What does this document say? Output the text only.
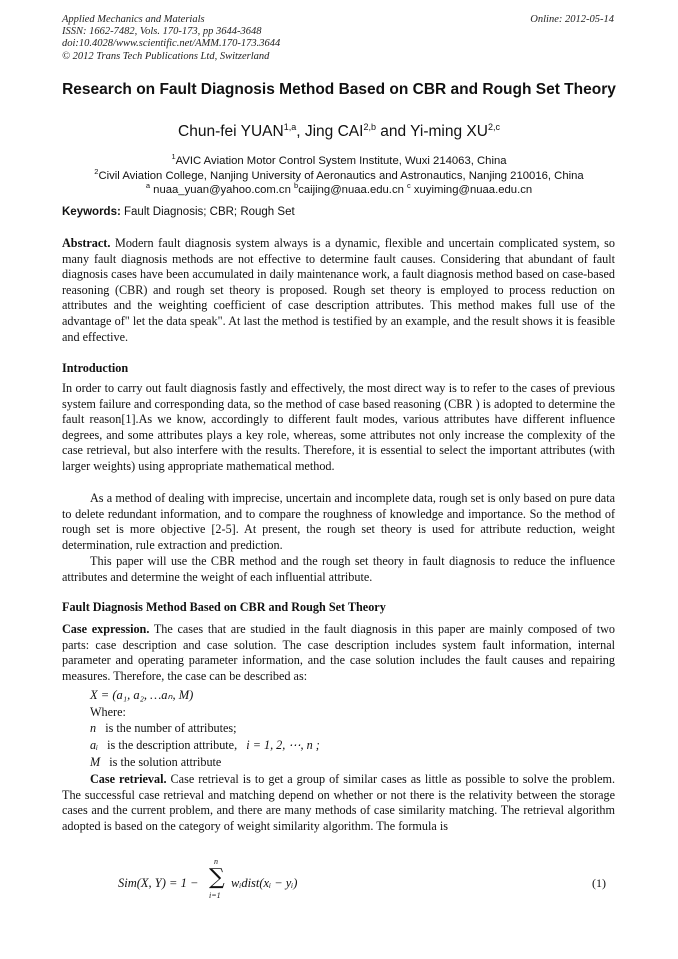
Applied Mechanics and Materials
ISSN: 1662-7482, Vols. 170-173, pp 3644-3648
doi:10.4028/www.scientific.net/AMM.170-173.3644
© 2012 Trans Tech Publications Ltd, Switzerland
Online: 2012-05-14
Research on Fault Diagnosis Method Based on CBR and Rough Set Theory
Chun-fei YUAN$^{1,a}$, Jing CAI$^{2,b}$ and Yi-ming XU$^{2,c}$
$^1$AVIC Aviation Motor Control System Institute, Wuxi 214063, China
$^2$Civil Aviation College, Nanjing University of Aeronautics and Astronautics, Nanjing 210016, China
$^a$ nuaa_yuan@yahoo.com.cn $^b$caijing@nuaa.edu.cn $^c$ xuyiming@nuaa.edu.cn
Keywords: Fault Diagnosis; CBR; Rough Set
Abstract. Modern fault diagnosis system always is a dynamic, flexible and uncertain complicated system, so many fault diagnosis methods are not effective to determine fault causes. Considering that abundant of fault diagnosis cases have been accumulated in daily maintenance work, a fault diagnosis method based on case-based reasoning (CBR) and rough set theory is proposed. Rough set theory is employed to process reduction on attributes and the weighting coefficient of case description attributes. This method makes full use of the advantage of" let the data speak". At last the method is testified by an example, and the result shows it is feasible and effective.
Introduction
In order to carry out fault diagnosis fastly and effectively, the most direct way is to refer to the cases of previous system failure and corresponding data, so the method of case based reasoning (CBR ) is adopted to determine the fault reason[1].As we know, accordingly to different fault modes, various attributes have different influence degrees, and some attributes plays a key role, whereas, some attributes not only increase the complexity of the case retrieval, but also interfere with the results. Therefore, it is essential to select the important attributes (with larger weights) using appropriate mathematical method.
As a method of dealing with imprecise, uncertain and incomplete data, rough set is only based on pure data to delete redundant information, and to compare the roughness of knowledge and importance. So the method of rough set is more objective [2-5]. At present, the rough set theory is used for attribute reduction, weight determination, rule extraction and prediction.
This paper will use the CBR method and the rough set theory in fault diagnosis to reduce the influence attributes and determine the weight of each influential attribute.
Fault Diagnosis Method Based on CBR and Rough Set Theory
Case expression. The cases that are studied in the fault diagnosis in this paper are mainly composed of two parts: case description and case solution. The case description includes system fault information, internal parameter and operating parameter information, and the case solution includes the fault causes and repairing measures. Therefore, the case can be described as:
X = (a₁, a₂, …aₙ, M)
Where:
n is the number of attributes;
aᵢ is the description attribute, i = 1, 2, ⋯, n ;
M is the solution attribute
Case retrieval. Case retrieval is to get a group of similar cases as little as possible to solve the problem. The successful case retrieval and matching depend on whether or not there is the relativity between the storage cases and the current problem, and there are many methods of case similarity matching. The retrieval algorithm adopted is based on the category of weight similarity algorithm. The formula is
Sim(X, Y) = 1 − ∑
n
i=1
wᵢdist(xᵢ − yᵢ)	(1)
